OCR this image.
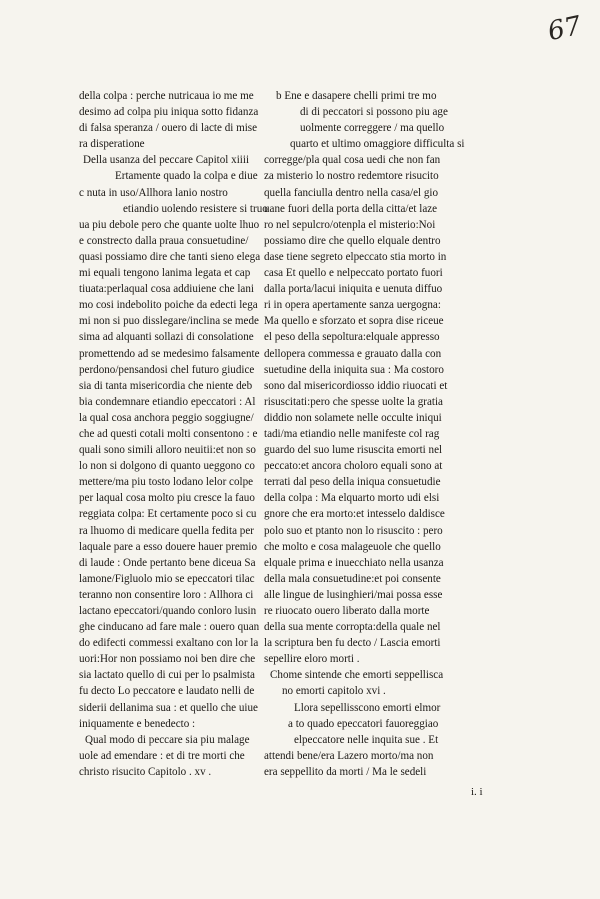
67
della colpa : perche nutricaua io me me
desimo ad colpa piu iniqua sotto fidanza
di falsa speranza / ouero di lacte di mise
ra disperatione
Della usanza del peccare Capitol xiiii
Ertamente quado la colpa e diue
c nuta in uso/Allhora lanio nostro
etiandio uolendo resistere si truo
ua piu debole pero che quante uolte lhuo
e constrecto dalla praua consuetudine/
quasi possiamo dire che tanti sieno elega
mi equali tengono lanima legata et cap
tiuata:perlaqual cosa addiuiene che lani
mo cosi indebolito poiche da edecti lega
mi non si puo disslegare/inclina se mede
sima ad alquanti sollazi di consolatione
promettendo ad se medesimo falsamente
perdono/pensandosi chel futuro giudice
sia di tanta misericordia che niente deb
bia condemnare etiandio epeccatori : Al
la qual cosa anchora peggio soggiugne/
che ad questi cotali molti consentono : e
quali sono simili alloro neuitii:et non so
lo non si dolgono di quanto ueggono co
mettere/ma piu tosto lodano lelor colpe
per laqual cosa molto piu cresce la fauo
reggiata colpa: Et certamente poco si cu
ra lhuomo di medicare quella fedita per
laquale pare a esso douere hauer premio
di laude : Onde pertanto bene diceua Sa
lamone/Figluolo mio se epeccatori tilac
teranno non consentire loro : Allhora ci
lactano epeccatori/quando conloro lusin
ghe cinducano ad fare male : ouero quan
do edifecti commessi exaltano con lor la
uori:Hor non possiamo noi ben dire che
sia lactato quello di cui per lo psalmista
fu decto Lo peccatore e laudato nelli de
siderii dellanima sua : et quello che uiue
iniquamente e benedecto :
Qual modo di peccare sia piu malage
uole ad emendare : et di tre morti che
christo risucito Capitolo . xv .
b Ene e dasapere chelli primi tre mo
di di peccatori si possono piu age
uolmente correggere / ma quello
quarto et ultimo omaggiore difficulta si
corregge/pla qual cosa uedi che non fan
za misterio lo nostro redemtore risucito
quella fanciulla dentro nella casa/el gio
uane fuori della porta della citta/et laze
ro nel sepulcro/otenpla el misterio:Noi
possiamo dire che quello elquale dentro
dase tiene segreto elpeccato stia morto in
casa Et quello e nelpeccato portato fuori
dalla porta/lacui iniquita e uenuta diffuo
ri in opera apertamente sanza uergogna:
Ma quello e sforzato et sopra dise riceue
el peso della sepoltura:elquale appresso
dellopera commessa e grauato dalla con
suetudine della iniquita sua : Ma costoro
sono dal misericordiosso iddio riuocati et
risuscitati:pero che spesse uolte la gratia
diddio non solamete nelle occulte iniqui
tadi/ma etiandio nelle manifeste col rag
guardo del suo lume risuscita emorti nel
peccato:et ancora choloro equali sono at
terrati dal peso della iniqua consuetudie
della colpa : Ma elquarto morto udi elsi
gnore che era morto:et intesselo daldisce
polo suo et ptanto non lo risuscito : pero
che molto e cosa malageuole che quello
elquale prima e inuecchiato nella usanza
della mala consuetudine:et poi consente
alle lingue de lusinghieri/mai possa esse
re riuocato ouero liberato dalla morte
della sua mente corropta:della quale nel
la scriptura ben fu decto / Lascia emorti
sepellire eloro morti .
Chome sintende che emorti seppellisca
no emorti capitolo xvi .
Llora sepellisscono emorti elmor
a to quado epeccatori fauoreggiao
elpeccatore nelle inquita sue . Et
attendi bene/era Lazero morto/ma non
era seppellito da morti / Ma le sedeli
i. i
